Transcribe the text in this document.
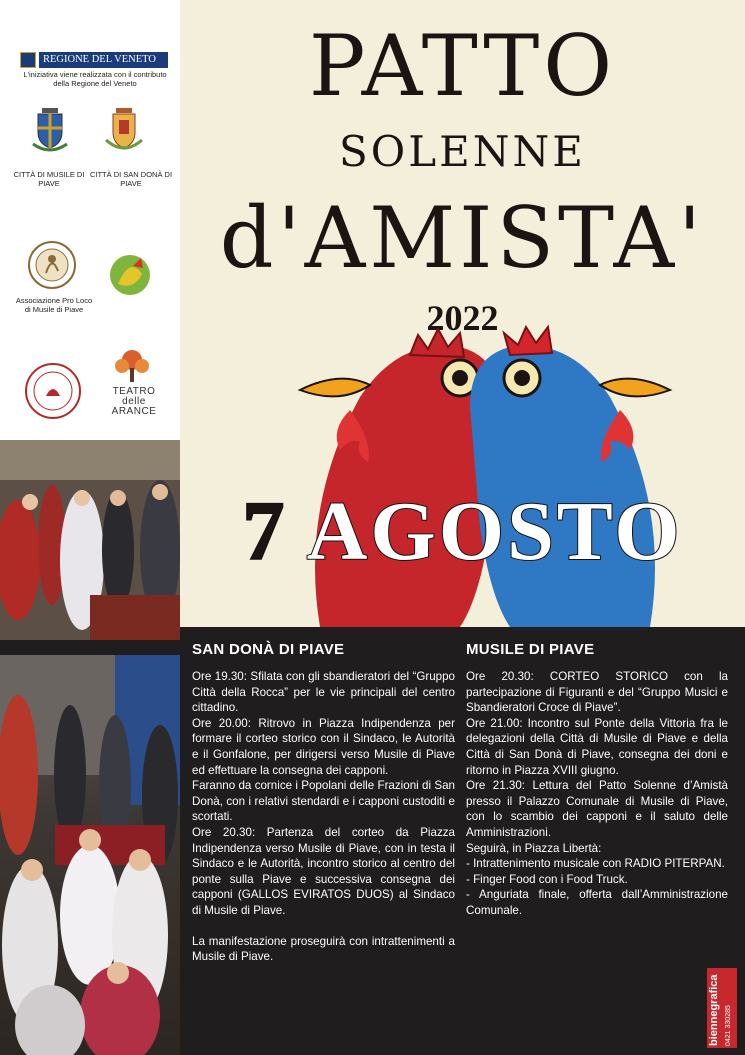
REGIONE DEL VENETO
L'iniziativa viene realizzata con il contributo della Regione del Veneto
CITTÀ DI MUSILE DI PIAVE
CITTÀ DI SAN DONÀ DI PIAVE
Associazione Pro Loco di Musile di Piave
TEATRO delle ARANCE
PATTO
SOLENNE
d'AMISTA'
2022
7 AGOSTO
SAN DONÀ DI PIAVE

Ore 19.30: Sfilata con gli sbandieratori del “Gruppo Città della Rocca” per le vie principali del centro cittadino.

Ore 20.00: Ritrovo in Piazza Indipendenza per formare il corteo storico con il Sindaco, le Autorità e il Gonfalone, per dirigersi verso Musile di Piave ed effettuare la consegna dei capponi.

Faranno da cornice i Popolani delle Frazioni di San Donà, con i relativi stendardi e i capponi custoditi e scortati.

Ore 20.30: Partenza del corteo da Piazza Indipendenza verso Musile di Piave, con in testa il Sindaco e le Autorità, incontro storico al centro del ponte sulla Piave e successiva consegna dei capponi (GALLOS EVIRATOS DUOS) al Sindaco di Musile di Piave.

La manifestazione proseguirà con intrattenimenti a Musile di Piave.

MUSILE DI PIAVE

Ore 20.30: CORTEO STORICO con la partecipazione di Figuranti e del “Gruppo Musici e Sbandieratori Croce di Piave”.

Ore 21.00: Incontro sul Ponte della Vittoria fra le delegazioni della Città di Musile di Piave e della Città di San Donà di Piave, consegna dei doni e ritorno in Piazza XVIII giugno.

Ore 21.30: Lettura del Patto Solenne d’Amistà presso il Palazzo Comunale di Musile di Piave, con lo scambio dei capponi e il saluto delle Amministrazioni.

Seguirà, in Piazza Libertà:

- Intrattenimento musicale con RADIO PITERPAN.

- Finger Food con i Food Truck.

- Anguriata finale, offerta dall’Amministrazione Comunale.

biennegrafica 0421 330285
